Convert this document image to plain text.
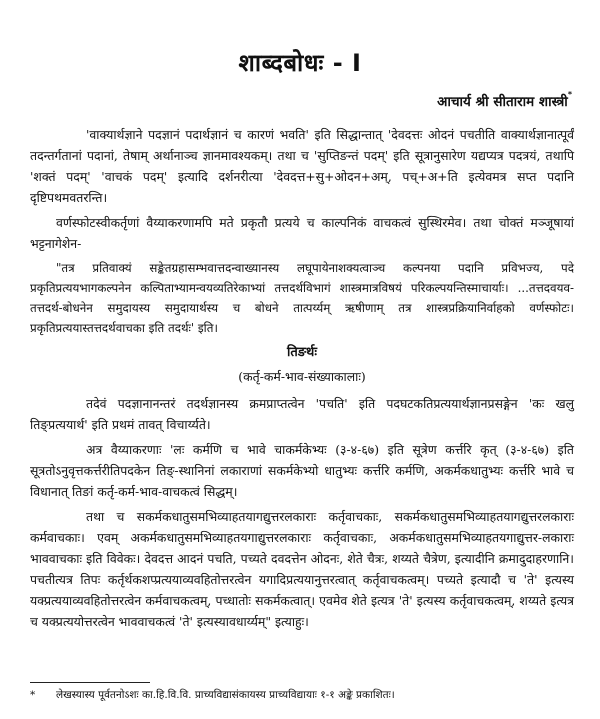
शाब्दबोधः - I
आचार्य श्री सीताराम शास्त्री*

'वाक्यार्थज्ञाने पदज्ञानं पदार्थज्ञानं च कारणं भवति' इति सिद्धान्तात् 'देवदत्तः ओदनं पचतीति वाक्यार्थज्ञानात्पूर्वं तदन्तर्गतानां पदानां, तेषाम् अर्थानाञ्च ज्ञानमावश्यकम्। तथा च 'सुप्तिङन्तं पदम्' इति सूत्रानुसारेण यद्यप्यत्र पदत्रयं, तथापि 'शक्तं पदम्' 'वाचकं पदम्' इत्यादि दर्शनरीत्या 'देवदत्त+सु+ओदन+अम्, पच्+अ+ति इत्येवमत्र सप्त पदानि दृष्टिपथमवतरन्ति।

वर्णस्फोटस्वीकर्तृणां वैय्याकरणामपि मते प्रकृतौ प्रत्यये च काल्पनिकं वाचकत्वं सुस्थिरमेव। तथा चोक्तं मञ्जूषायां भट्टनागेशेन-

"तत्र प्रतिवाक्यं सङ्केतग्रहासम्भवात्तदन्वाख्यानस्य लघूपायेनाशक्यत्वाञ्च कल्पनया पदानि प्रविभज्य, पदे प्रकृतिप्रत्ययभागकल्पनेन कल्पिताभ्यामन्वयव्यतिरेकाभ्यां तत्तदर्थविभागं शास्त्रमात्रविषयं परिकल्पयन्तिस्माचार्याः। ...तत्तदवयव-तत्तदर्थ-बोधनेन समुदायस्य समुदायार्थस्य च बोधने तात्पर्य्यम् ऋषीणाम् तत्र शास्त्रप्रक्रियानिर्वाहको वर्णस्फोटः। प्रकृतिप्रत्ययास्तत्तदर्थवाचका इति तदर्थः' इति।

तिङर्थः
(कर्तृ-कर्म-भाव-संख्याकालाः)

तदेवं पदज्ञानानन्तरं तदर्थज्ञानस्य क्रमप्राप्तत्वेन 'पचति' इति पदघटकतिप्रत्ययार्थज्ञानप्रसङ्गेन 'कः खलु तिङ्प्रत्ययार्थ' इति प्रथमं तावत् विचार्य्यते।

अत्र वैय्याकरणाः 'लः कर्मणि च भावे चाकर्मकेभ्यः (३-४-६७) इति सूत्रेण कर्त्तरि कृत् (३-४-६७) इति सूत्रतोऽनुवृत्तकर्त्तरीतिपदकेन तिङ्-स्थानिनां लकाराणां सकर्मकेभ्यो धातुभ्यः कर्त्तरि कर्मणि, अकर्मकधातुभ्यः कर्त्तरि भावे च विधानात् तिङां कर्तृ-कर्म-भाव-वाचकत्वं सिद्धम्।

तथा च सकर्मकधातुसमभिव्याहतयागद्युत्तरलकाराः कर्तृवाचकाः, सकर्मकधातुसमभिव्याहतयागद्युत्तरलकाराः कर्मवाचकाः। एवम् अकर्मकधातुसमभिव्याहतयगाद्युत्तरलकाराः कर्तृवाचकाः, अकर्मकधातुसमभिव्याहतयगाद्युत्तर-लकाराः भाववाचकाः इति विवेकः। देवदत्त आदनं पचति, पच्यते दवदत्तेन ओदनः, शेते चैत्रः, शय्यते चैत्रेण, इत्यादीनि क्रमादुदाहरणानि। पचतीत्यत्र तिपः कर्तृर्थकशप्प्रत्ययाव्यवहितोत्तरत्वेन यगादिप्रत्ययानुत्तरत्वात् कर्तृवाचकत्वम्। पच्यते इत्यादौ च 'ते' इत्यस्य यक्प्रत्ययाव्यवहितोत्तरत्वेन कर्मवाचकत्वम्, पच्धातोः सकर्मकत्वात्। एवमेव शेते इत्यत्र 'ते' इत्यस्य कर्तृवाचकत्वम्, शय्यते इत्यत्र च यक्प्रत्ययोत्तरत्वेन भाववाचकत्वं 'ते' इत्यस्यावधार्य्यम्" इत्याहुः।

* लेखस्यास्य पूर्वतनोऽशः का.हि.वि.वि. प्राच्यविद्यासंकायस्य प्राच्यविद्यायाः १-१ अङ्के प्रकाशितः।
